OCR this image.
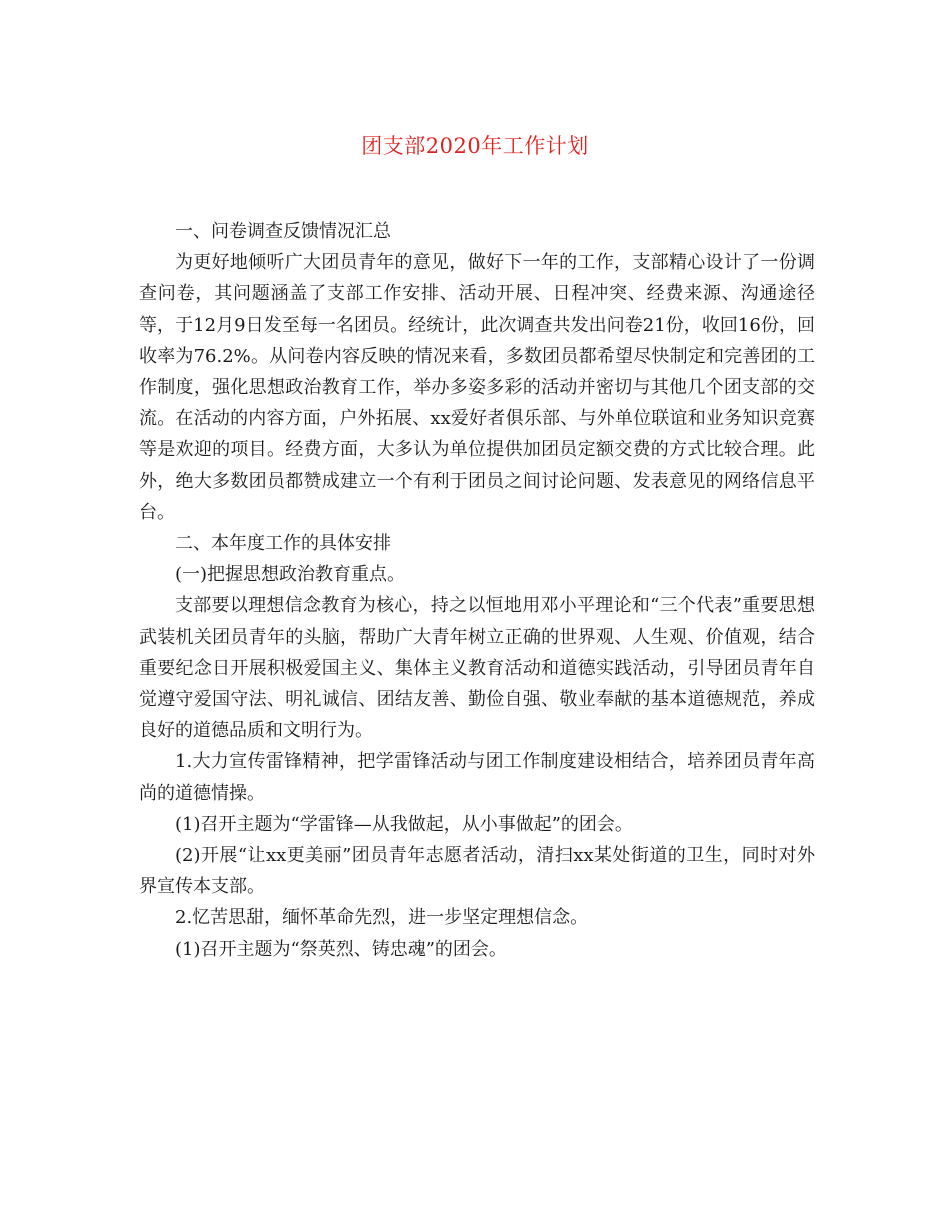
团支部2020年工作计划

一、问卷调查反馈情况汇总

为更好地倾听广大团员青年的意见，做好下一年的工作，支部精心设计了一份调查问卷，其问题涵盖了支部工作安排、活动开展、日程冲突、经费来源、沟通途径等，于12月9日发至每一名团员。经统计，此次调查共发出问卷21份，收回16份，回收率为76.2%。从问卷内容反映的情况来看，多数团员都希望尽快制定和完善团的工作制度，强化思想政治教育工作，举办多姿多彩的活动并密切与其他几个团支部的交流。在活动的内容方面，户外拓展、xx爱好者俱乐部、与外单位联谊和业务知识竞赛等是欢迎的项目。经费方面，大多认为单位提供加团员定额交费的方式比较合理。此外，绝大多数团员都赞成建立一个有利于团员之间讨论问题、发表意见的网络信息平台。

二、本年度工作的具体安排

(一)把握思想政治教育重点。

支部要以理想信念教育为核心，持之以恒地用邓小平理论和“三个代表”重要思想武装机关团员青年的头脑，帮助广大青年树立正确的世界观、人生观、价值观，结合重要纪念日开展积极爱国主义、集体主义教育活动和道德实践活动，引导团员青年自觉遵守爱国守法、明礼诚信、团结友善、勤俭自强、敬业奉献的基本道德规范，养成良好的道德品质和文明行为。

1.大力宣传雷锋精神，把学雷锋活动与团工作制度建设相结合，培养团员青年高尚的道德情操。

(1)召开主题为“学雷锋—从我做起，从小事做起”的团会。

(2)开展“让xx更美丽”团员青年志愿者活动，清扫xx某处街道的卫生，同时对外界宣传本支部。

2.忆苦思甜，缅怀革命先烈，进一步坚定理想信念。

(1)召开主题为“祭英烈、铸忠魂”的团会。
